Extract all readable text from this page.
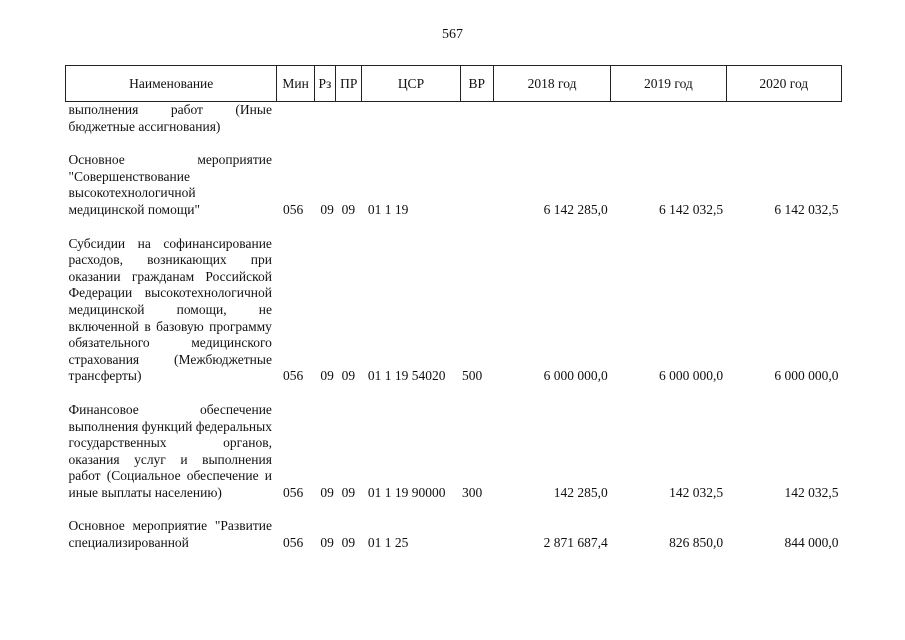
567
Наименование	Мин	Рз	ПР	ЦСР	ВР	2018 год	2019 год	2020 год
выполнения работ (Иные бюджетные ассигнования)								
Основное мероприятие "Совершенствование высокотехнологичной медицинской помощи"	056	09	09	01 1 19		6 142 285,0	6 142 032,5	6 142 032,5
Субсидии на софинансирование расходов, возникающих при оказании гражданам Российской Федерации высокотехнологичной медицинской помощи, не включенной в базовую программу обязательного медицинского страхования (Межбюджетные трансферты)	056	09	09	01 1 19 54020	500	6 000 000,0	6 000 000,0	6 000 000,0
Финансовое обеспечение выполнения функций федеральных государственных органов, оказания услуг и выполнения работ (Социальное обеспечение и иные выплаты населению)	056	09	09	01 1 19 90000	300	142 285,0	142 032,5	142 032,5
Основное мероприятие "Развитие специализированной	056	09	09	01 1 25		2 871 687,4	826 850,0	844 000,0
